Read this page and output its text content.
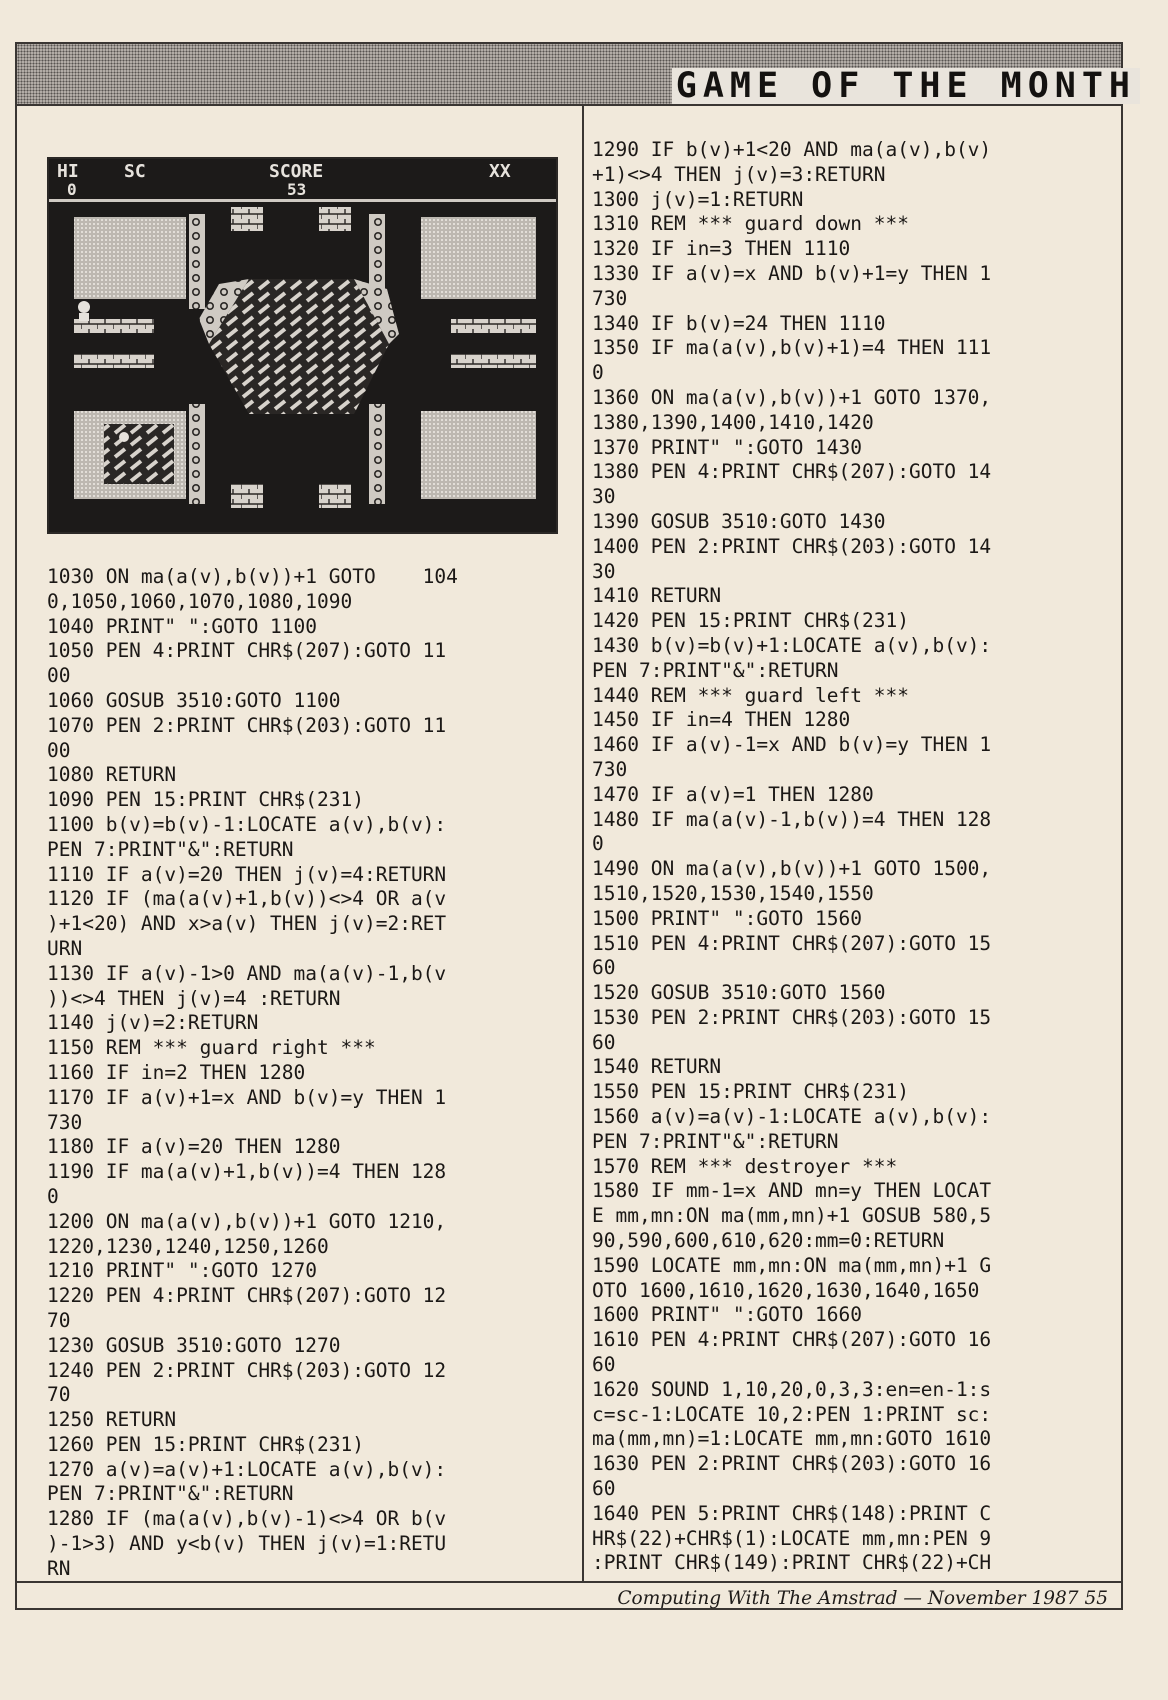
GAME OF THE MONTH
HI	SC	SCORE	XX
0	53
1030 ON ma(a(v),b(v))+1 GOTO    104
0,1050,1060,1070,1080,1090
1040 PRINT" ":GOTO 1100
1050 PEN 4:PRINT CHR$(207):GOTO 11
00
1060 GOSUB 3510:GOTO 1100
1070 PEN 2:PRINT CHR$(203):GOTO 11
00
1080 RETURN
1090 PEN 15:PRINT CHR$(231)
1100 b(v)=b(v)-1:LOCATE a(v),b(v):
PEN 7:PRINT"&":RETURN
1110 IF a(v)=20 THEN j(v)=4:RETURN
1120 IF (ma(a(v)+1,b(v))<>4 OR a(v
)+1<20) AND x>a(v) THEN j(v)=2:RET
URN
1130 IF a(v)-1>0 AND ma(a(v)-1,b(v
))<>4 THEN j(v)=4 :RETURN
1140 j(v)=2:RETURN
1150 REM *** guard right ***
1160 IF in=2 THEN 1280
1170 IF a(v)+1=x AND b(v)=y THEN 1
730
1180 IF a(v)=20 THEN 1280
1190 IF ma(a(v)+1,b(v))=4 THEN 128
0
1200 ON ma(a(v),b(v))+1 GOTO 1210,
1220,1230,1240,1250,1260
1210 PRINT" ":GOTO 1270
1220 PEN 4:PRINT CHR$(207):GOTO 12
70
1230 GOSUB 3510:GOTO 1270
1240 PEN 2:PRINT CHR$(203):GOTO 12
70
1250 RETURN
1260 PEN 15:PRINT CHR$(231)
1270 a(v)=a(v)+1:LOCATE a(v),b(v):
PEN 7:PRINT"&":RETURN
1280 IF (ma(a(v),b(v)-1)<>4 OR b(v
)-1>3) AND y<b(v) THEN j(v)=1:RETU
RN
1290 IF b(v)+1<20 AND ma(a(v),b(v)
+1)<>4 THEN j(v)=3:RETURN
1300 j(v)=1:RETURN
1310 REM *** guard down ***
1320 IF in=3 THEN 1110
1330 IF a(v)=x AND b(v)+1=y THEN 1
730
1340 IF b(v)=24 THEN 1110
1350 IF ma(a(v),b(v)+1)=4 THEN 111
0
1360 ON ma(a(v),b(v))+1 GOTO 1370,
1380,1390,1400,1410,1420
1370 PRINT" ":GOTO 1430
1380 PEN 4:PRINT CHR$(207):GOTO 14
30
1390 GOSUB 3510:GOTO 1430
1400 PEN 2:PRINT CHR$(203):GOTO 14
30
1410 RETURN
1420 PEN 15:PRINT CHR$(231)
1430 b(v)=b(v)+1:LOCATE a(v),b(v):
PEN 7:PRINT"&":RETURN
1440 REM *** guard left ***
1450 IF in=4 THEN 1280
1460 IF a(v)-1=x AND b(v)=y THEN 1
730
1470 IF a(v)=1 THEN 1280
1480 IF ma(a(v)-1,b(v))=4 THEN 128
0
1490 ON ma(a(v),b(v))+1 GOTO 1500,
1510,1520,1530,1540,1550
1500 PRINT" ":GOTO 1560
1510 PEN 4:PRINT CHR$(207):GOTO 15
60
1520 GOSUB 3510:GOTO 1560
1530 PEN 2:PRINT CHR$(203):GOTO 15
60
1540 RETURN
1550 PEN 15:PRINT CHR$(231)
1560 a(v)=a(v)-1:LOCATE a(v),b(v):
PEN 7:PRINT"&":RETURN
1570 REM *** destroyer ***
1580 IF mm-1=x AND mn=y THEN LOCAT
E mm,mn:ON ma(mm,mn)+1 GOSUB 580,5
90,590,600,610,620:mm=0:RETURN
1590 LOCATE mm,mn:ON ma(mm,mn)+1 G
OTO 1600,1610,1620,1630,1640,1650
1600 PRINT" ":GOTO 1660
1610 PEN 4:PRINT CHR$(207):GOTO 16
60
1620 SOUND 1,10,20,0,3,3:en=en-1:s
c=sc-1:LOCATE 10,2:PEN 1:PRINT sc:
ma(mm,mn)=1:LOCATE mm,mn:GOTO 1610
1630 PEN 2:PRINT CHR$(203):GOTO 16
60
1640 PEN 5:PRINT CHR$(148):PRINT C
HR$(22)+CHR$(1):LOCATE mm,mn:PEN 9
:PRINT CHR$(149):PRINT CHR$(22)+CH
Computing With The Amstrad — November 1987 55
